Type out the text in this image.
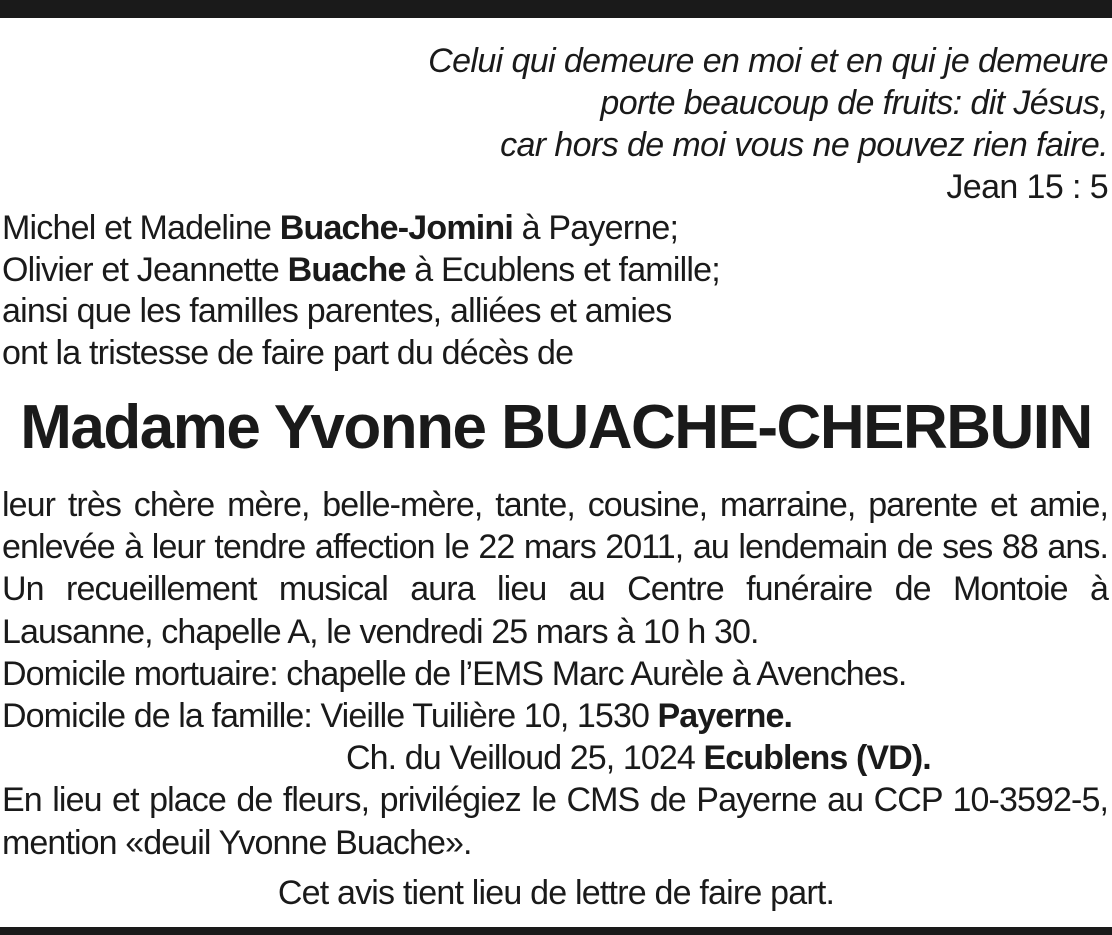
Celui qui demeure en moi et en qui je demeure
porte beaucoup de fruits: dit Jésus,
car hors de moi vous ne pouvez rien faire.
Jean 15 : 5
Michel et Madeline Buache-Jomini à Payerne;
Olivier et Jeannette Buache à Ecublens et famille;
ainsi que les familles parentes, alliées et amies
ont la tristesse de faire part du décès de
Madame Yvonne BUACHE-CHERBUIN
leur très chère mère, belle-mère, tante, cousine, marraine, parente et amie,
enlevée à leur tendre affection le 22 mars 2011, au lendemain de ses 88 ans.
Un recueillement musical aura lieu au Centre funéraire de Montoie à
Lausanne, chapelle A, le vendredi 25 mars à 10 h 30.
Domicile mortuaire: chapelle de l’EMS Marc Aurèle à Avenches.
Domicile de la famille: Vieille Tuilière 10, 1530 Payerne.
Ch. du Veilloud 25, 1024 Ecublens (VD).
En lieu et place de fleurs, privilégiez le CMS de Payerne au CCP 10-3592-5,
mention «deuil Yvonne Buache».
Cet avis tient lieu de lettre de faire part.
